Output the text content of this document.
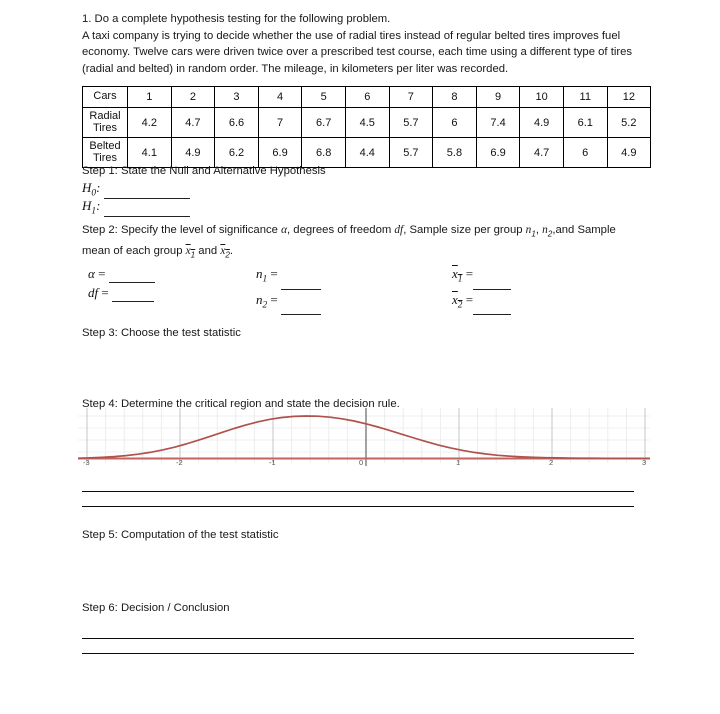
1. Do a complete hypothesis testing for the following problem.

A taxi company is trying to decide whether the use of radial tires instead of regular belted tires improves fuel economy. Twelve cars were driven twice over a prescribed test course, each time using a different type of tires (radial and belted) in random order. The mileage, in kilometers per liter was recorded.

Cars	1	2	3	4	5	6	7	8	9	10	11	12
Radial
Tires	4.2	4.7	6.6	7	6.7	4.5	5.7	6	7.4	4.9	6.1	5.2
Belted
Tires	4.1	4.9	6.2	6.9	6.8	4.4	5.7	5.8	6.9	4.7	6	4.9
Step 1: State the Null and Alternative Hypothesis
$H_0$:
$H_1$:
Step 2: Specify the level of significance α, degrees of freedom df, Sample size per group $n_1$, $n_2,and$ Sample mean of each group $\overline{x}_1$ and $\overline{x}_2$.
α =
df =
$n_1$ =
$n_2$ =
$\overline{x}_1$ =
$\overline{x}_2$ =
Step 3: Choose the test statistic
Step 4: Determine the critical region and state the decision rule.
-3	-2	-1	0	1	2	3
Step 5: Computation of the test statistic
Step 6: Decision / Conclusion
